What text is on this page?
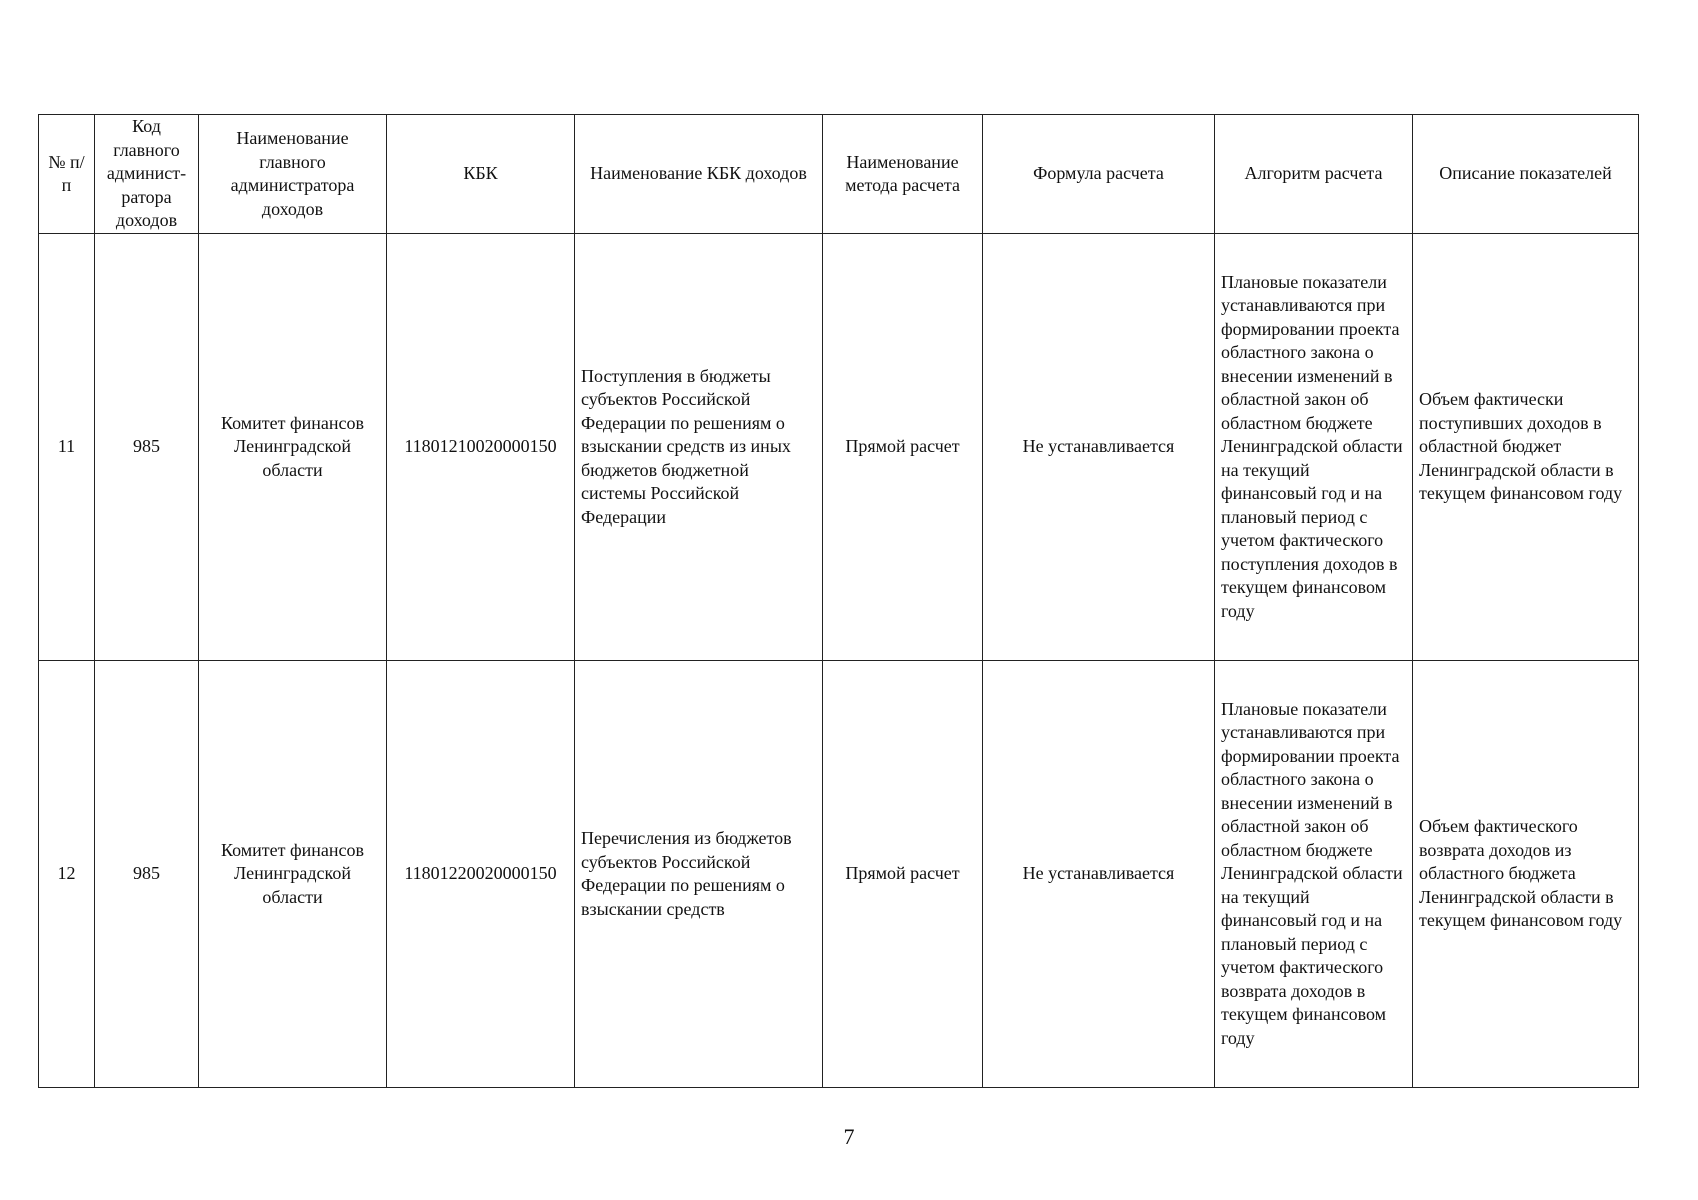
№ п/п	Код главного админист-ратора доходов	Наименование главного администратора доходов	КБК	Наименование КБК доходов	Наименование метода расчета	Формула расчета	Алгоритм расчета	Описание показателей
11	985	Комитет финансов Ленинградской области	11801210020000150	Поступления в бюджеты субъектов Российской Федерации по решениям о взыскании средств из иных бюджетов бюджетной системы Российской Федерации	Прямой расчет	Не устанавливается	Плановые показатели устанавливаются при формировании проекта областного закона о внесении изменений в областной закон об областном бюджете Ленинградской области на текущий финансовый год и на плановый период с учетом фактического поступления доходов в текущем финансовом году	Объем фактически поступивших доходов в областной бюджет Ленинградской области в текущем финансовом году
12	985	Комитет финансов Ленинградской области	11801220020000150	Перечисления из бюджетов субъектов Российской Федерации по решениям о взыскании средств	Прямой расчет	Не устанавливается	Плановые показатели устанавливаются при формировании проекта областного закона о внесении изменений в областной закон об областном бюджете Ленинградской области на текущий финансовый год и на плановый период с учетом фактического возврата доходов в текущем финансовом году	Объем фактического возврата доходов из областного бюджета Ленинградской области в текущем финансовом году
7
